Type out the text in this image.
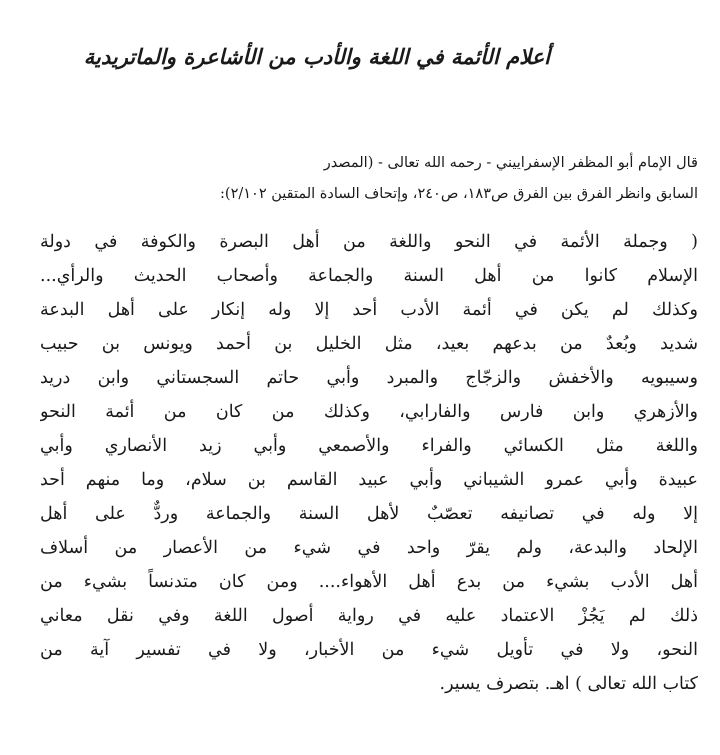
أعلام الأئمة في اللغة والأدب من الأشاعرة والماتريدية
قال الإمام أبو المظفر الإسفراييني - رحمه الله تعالى - (المصدر
السابق وانظر الفرق بين الفرق ص١٨٣، ص٢٤٠، وإتحاف السادة المتقين ٢/١٠٢):
( وجملة الأئمة في النحو واللغة من أهل البصرة والكوفة في دولة
الإسلام كانوا من أهل السنة والجماعة وأصحاب الحديث والرأي...
وكذلك لم يكن في أئمة الأدب أحد إلا وله إنكار على أهل البدعة
شديد وبُعدٌ من بدعهم بعيد، مثل الخليل بن أحمد ويونس بن حبيب
وسيبويه والأخفش والزجّاج والمبرد وأبي حاتم السجستاني وابن دريد
والأزهري وابن فارس والفارابي، وكذلك من كان من أئمة النحو
واللغة مثل الكسائي والفراء والأصمعي وأبي زيد الأنصاري وأبي
عبيدة وأبي عمرو الشيباني وأبي عبيد القاسم بن سلام، وما منهم أحد
إلا وله في تصانيفه تعصّبٌ لأهل السنة والجماعة وردٌّ على أهل
الإلحاد والبدعة، ولم يقرّ واحد في شيء من الأعصار من أسلاف
أهل الأدب بشيء من بدع أهل الأهواء.... ومن كان متدنساً بشيء من
ذلك لم يَجُزْ الاعتماد عليه في رواية أصول اللغة وفي نقل معاني
النحو، ولا في تأويل شيء من الأخبار، ولا في تفسير آية من
كتاب الله تعالى ) اهـ. بتصرف يسير.
